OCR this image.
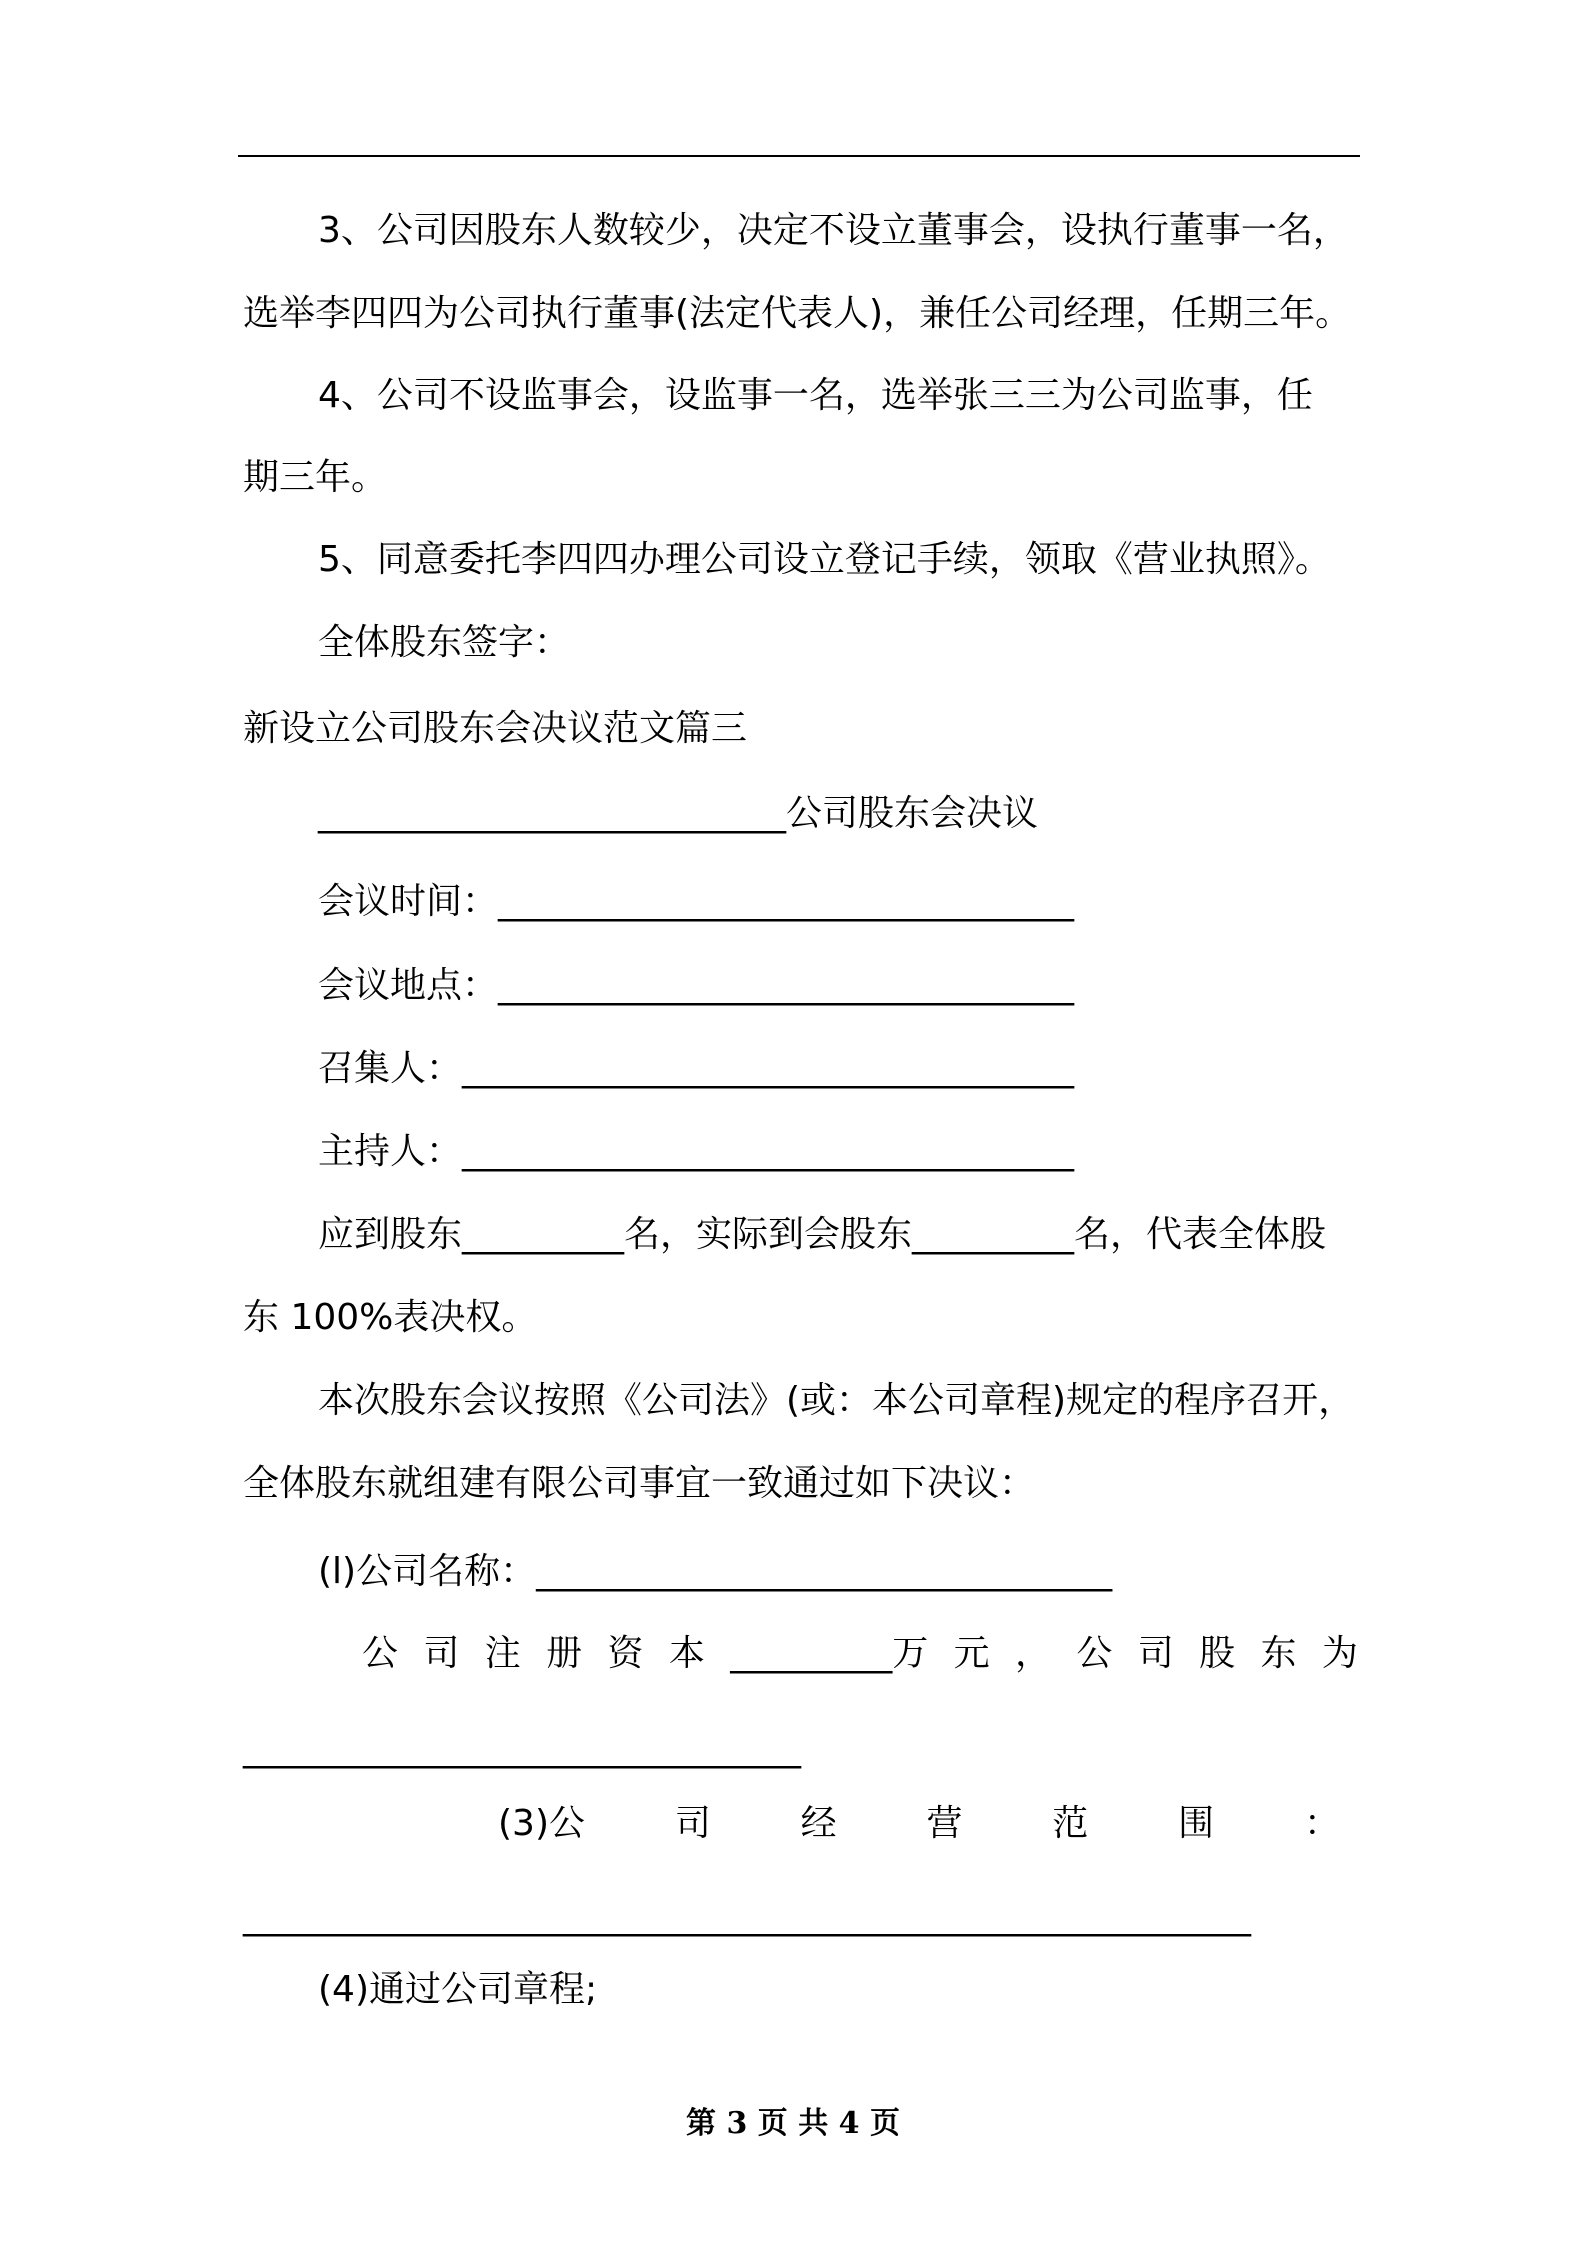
3、公司因股东人数较少，决定不设立董事会，设执行董事一名，
选举李四四为公司执行董事(法定代表人)，兼任公司经理，任期三年。
4、公司不设监事会，设监事一名，选举张三三为公司监事，任
期三年。
5、同意委托李四四办理公司设立登记手续，领取《营业执照》。
全体股东签字：
新设立公司股东会决议范文篇三
__________________________公司股东会决议
会议时间：________________________________
会议地点：________________________________
召集人：__________________________________
主持人：__________________________________
应到股东_________名，实际到会股东_________名，代表全体股
东 100%表决权。
本次股东会议按照《公司法》(或：本公司章程)规定的程序召开，
全体股东就组建有限公司事宜一致通过如下决议：
(l)公司名称：________________________________
公 司 注 册 资 本 _________万 元 ， 公 司 股 东 为
_______________________________
(3)公 司 经 营 范 围 ：
________________________________________________________
(4)通过公司章程;
第 3 页 共 4 页
